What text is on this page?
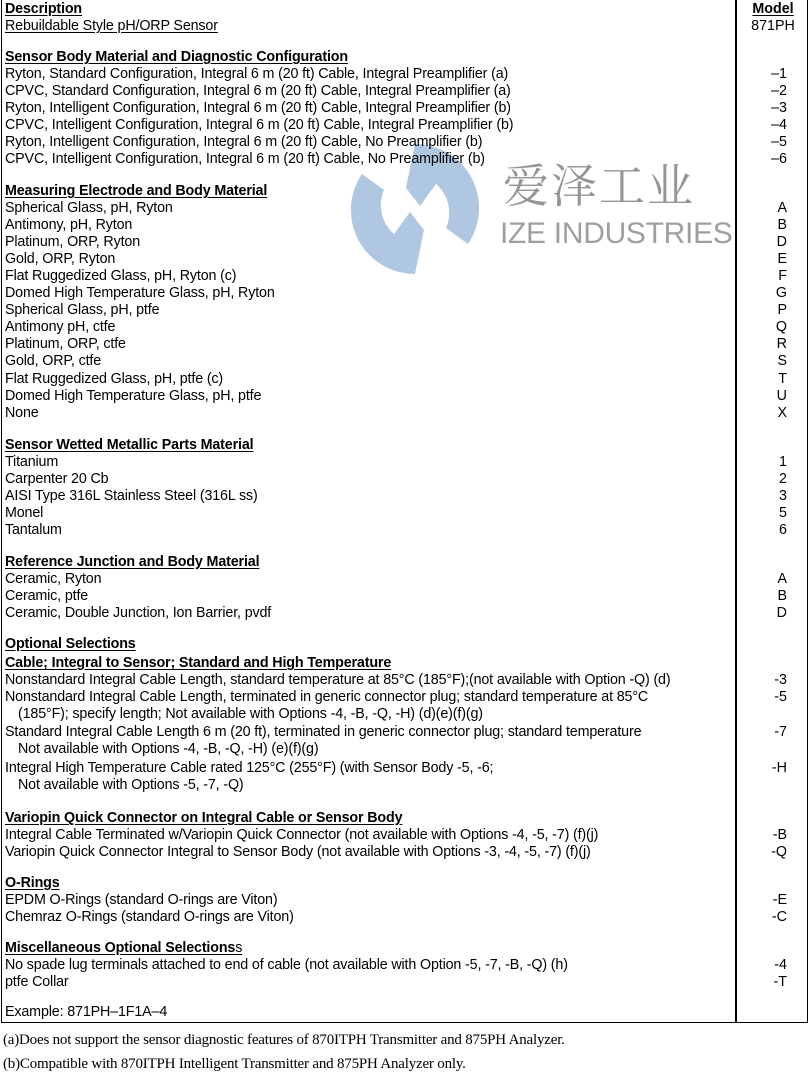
爱泽工业
IZE INDUSTRIES
Description
Rebuildable Style pH/ORP Sensor
Sensor Body Material and Diagnostic Configuration
Ryton, Standard Configuration, Integral 6 m (20 ft) Cable, Integral Preamplifier (a)
CPVC, Standard Configuration, Integral 6 m (20 ft) Cable, Integral Preamplifier (a)
Ryton, Intelligent Configuration, Integral 6 m (20 ft) Cable, Integral Preamplifier (b)
CPVC, Intelligent Configuration, Integral 6 m (20 ft) Cable, Integral Preamplifier (b)
Ryton, Intelligent Configuration, Integral 6 m (20 ft) Cable, No Preamplifier (b)
CPVC, Intelligent Configuration, Integral 6 m (20 ft) Cable, No Preamplifier (b)
Measuring Electrode and Body Material
Spherical Glass, pH, Ryton
Antimony, pH, Ryton
Platinum, ORP, Ryton
Gold, ORP, Ryton
Flat Ruggedized Glass, pH, Ryton (c)
Domed High Temperature Glass, pH, Ryton
Spherical Glass, pH, ptfe
Antimony pH, ctfe
Platinum, ORP, ctfe
Gold, ORP, ctfe
Flat Ruggedized Glass, pH, ptfe (c)
Domed High Temperature Glass, pH, ptfe
None
Sensor Wetted Metallic Parts Material
Titanium
Carpenter 20 Cb
AISI Type 316L Stainless Steel (316L ss)
Monel
Tantalum
Reference Junction and Body Material
Ceramic, Ryton
Ceramic, ptfe
Ceramic, Double Junction, Ion Barrier, pvdf
Optional Selections
Cable; Integral to Sensor; Standard and High Temperature
Nonstandard Integral Cable Length, standard temperature at 85°C (185°F);(not available with Option -Q) (d)
Nonstandard Integral Cable Length, terminated in generic connector plug; standard temperature at 85°C
(185°F); specify length; Not available with Options -4, -B, -Q, -H) (d)(e)(f)(g)
Standard Integral Cable Length 6 m (20 ft), terminated in generic connector plug; standard temperature
Not available with Options -4, -B, -Q, -H) (e)(f)(g)
Integral High Temperature Cable rated 125°C (255°F) (with Sensor Body -5, -6;
Not available with Options -5, -7, -Q)
Variopin Quick Connector on Integral Cable or Sensor Body
Integral Cable Terminated w/Variopin Quick Connector (not available with Options -4, -5, -7) (f)(j)
Variopin Quick Connector Integral to Sensor Body (not available with Options -3, -4, -5, -7) (f)(j)
O-Rings
EPDM O-Rings (standard O-rings are Viton)
Chemraz O-Rings (standard O-rings are Viton)
Miscellaneous Optional Selectionss
No spade lug terminals attached to end of cable (not available with Option -5, -7, -B, -Q) (h)
ptfe Collar
Example: 871PH–1F1A–4
Model
871PH
–1
–2
–3
–4
–5
–6
A
B
D
E
F
G
P
Q
R
S
T
U
X
1
2
3
5
6
A
B
D
-3
-5
-7
-H
-B
-Q
-E
-C
-4
-T
(a)Does not support the sensor diagnostic features of 870ITPH Transmitter and 875PH Analyzer.
(b)Compatible with 870ITPH Intelligent Transmitter and 875PH Analyzer only.
